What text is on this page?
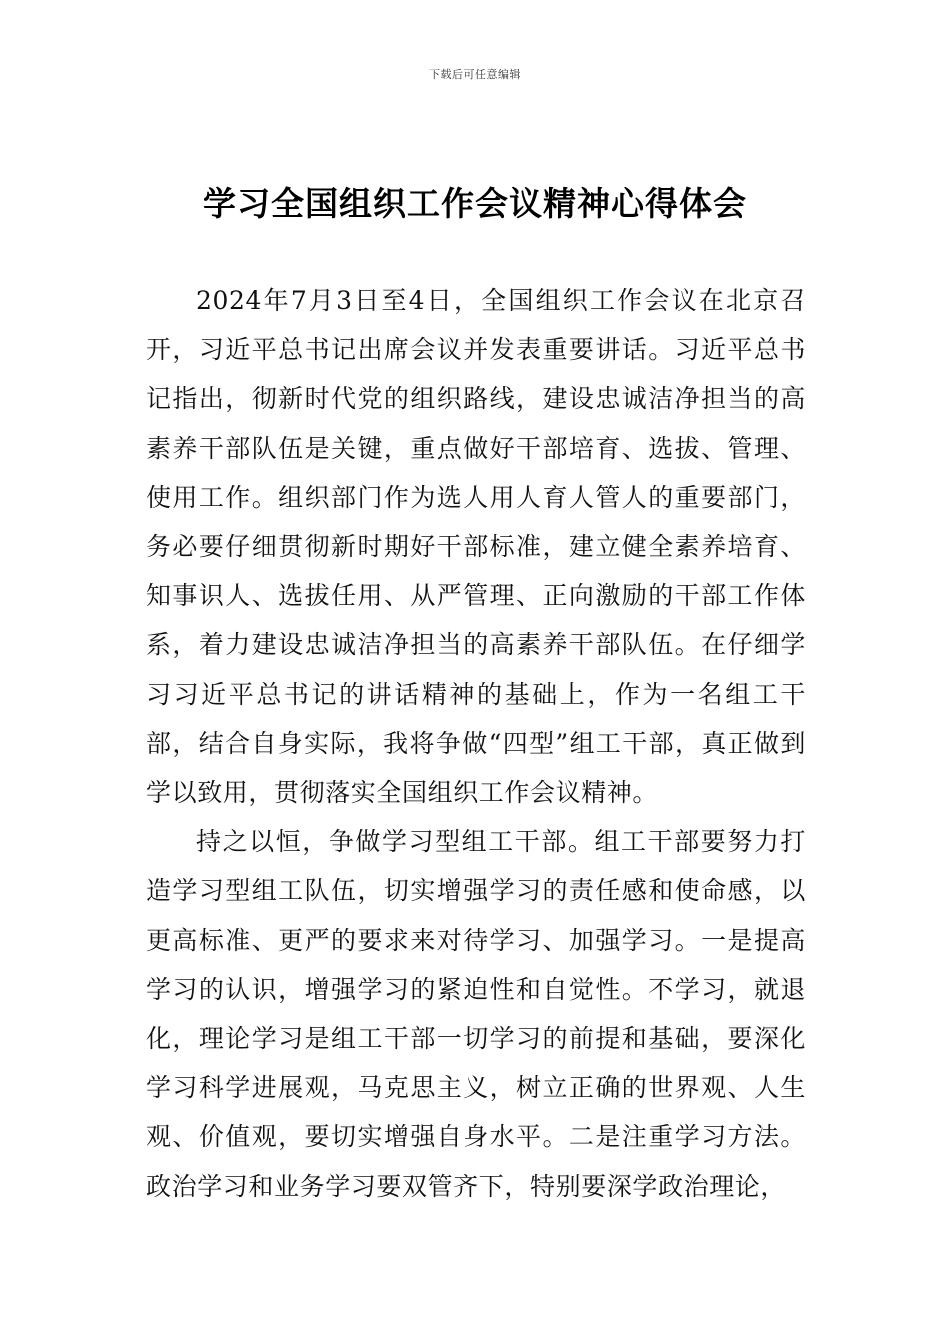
下载后可任意编辑
学习全国组织工作会议精神心得体会

2024年7月3日至4日，全国组织工作会议在北京召开，习近平总书记出席会议并发表重要讲话。习近平总书记指出，彻新时代党的组织路线，建设忠诚洁净担当的高素养干部队伍是关键，重点做好干部培育、选拔、管理、使用工作。组织部门作为选人用人育人管人的重要部门，务必要仔细贯彻新时期好干部标准，建立健全素养培育、知事识人、选拔任用、从严管理、正向激励的干部工作体系，着力建设忠诚洁净担当的高素养干部队伍。在仔细学习习近平总书记的讲话精神的基础上，作为一名组工干部，结合自身实际，我将争做“四型”组工干部，真正做到学以致用，贯彻落实全国组织工作会议精神。

持之以恒，争做学习型组工干部。组工干部要努力打造学习型组工队伍，切实增强学习的责任感和使命感，以更高标准、更严的要求来对待学习、加强学习。一是提高学习的认识，增强学习的紧迫性和自觉性。不学习，就退化，理论学习是组工干部一切学习的前提和基础，要深化学习科学进展观，马克思主义，树立正确的世界观、人生观、价值观，要切实增强自身水平。二是注重学习方法。政治学习和业务学习要双管齐下，特别要深学政治理论，
